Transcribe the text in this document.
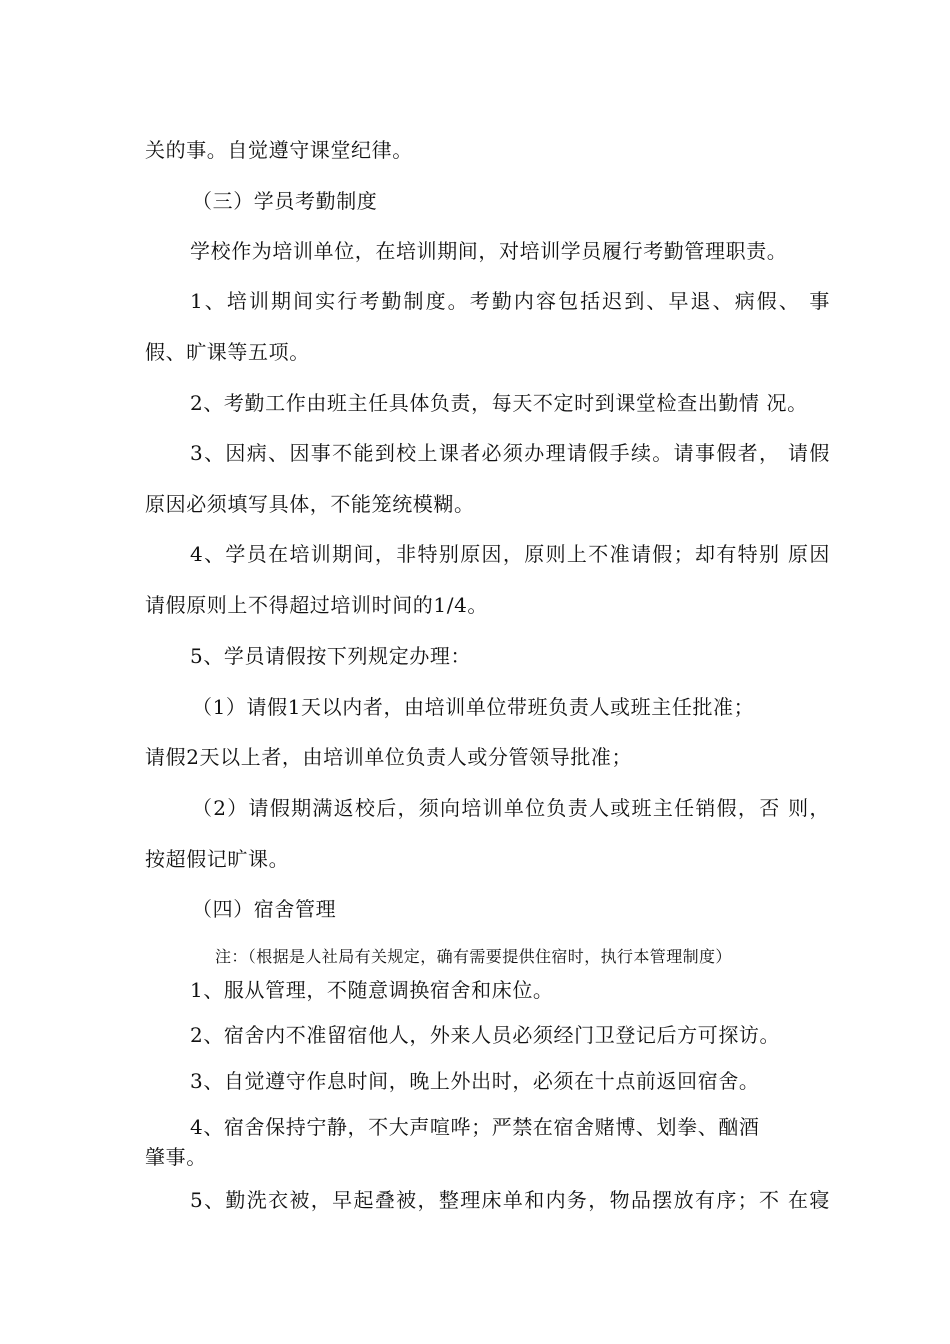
关的事。自觉遵守课堂纪律。
（三）学员考勤制度
学校作为培训单位，在培训期间，对培训学员履行考勤管理职责。
1、培训期间实行考勤制度。考勤内容包括迟到、早退、病假、 事
假、旷课等五项。
2、考勤工作由班主任具体负责，每天不定时到课堂检查出勤情 况。
3、因病、因事不能到校上课者必须办理请假手续。请事假者， 请假
原因必须填写具体，不能笼统模糊。
4、学员在培训期间，非特别原因，原则上不准请假；却有特别 原因
请假原则上不得超过培训时间的1/4。
5、学员请假按下列规定办理：
（1）请假1天以内者，由培训单位带班负责人或班主任批准；
请假2天以上者，由培训单位负责人或分管领导批准；
（2）请假期满返校后，须向培训单位负责人或班主任销假，否 则，
按超假记旷课。
（四）宿舍管理
注：（根据是人社局有关规定，确有需要提供住宿时，执行本管理制度）
1、服从管理，不随意调换宿舍和床位。
2、宿舍内不准留宿他人，外来人员必须经门卫登记后方可探访。
3、自觉遵守作息时间，晚上外出时，必须在十点前返回宿舍。
4、宿舍保持宁静，不大声喧哗；严禁在宿舍赌博、划拳、酗酒
肇事。
5、勤洗衣被，早起叠被，整理床单和内务，物品摆放有序；不 在寝
